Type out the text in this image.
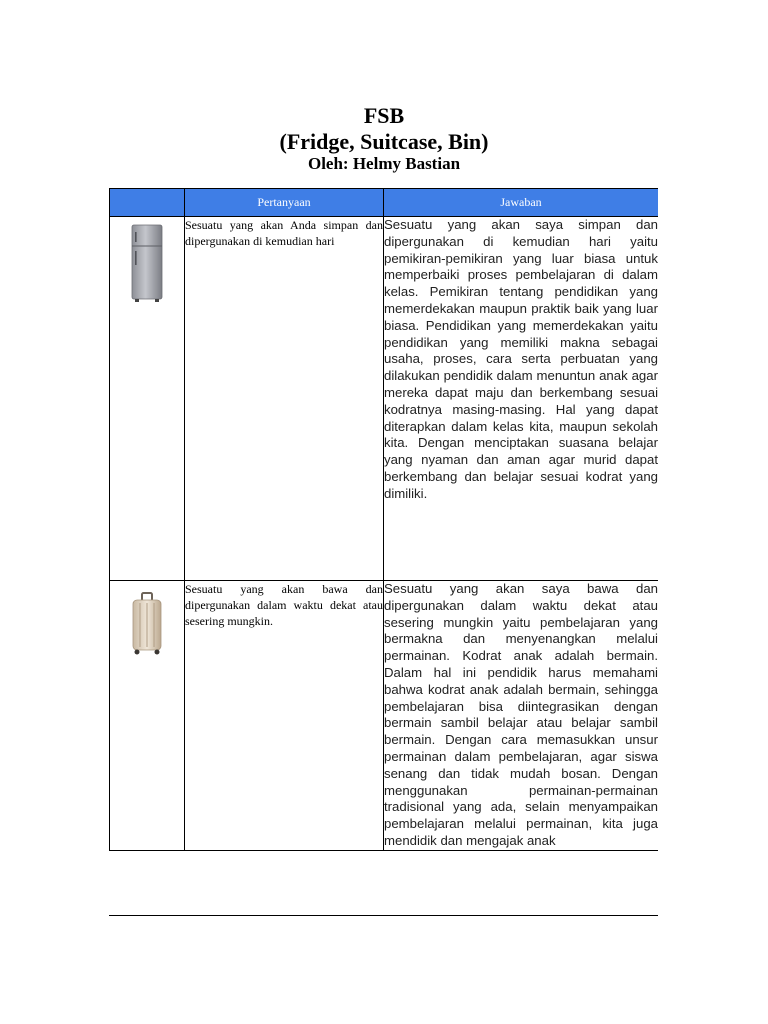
FSB
(Fridge, Suitcase, Bin)
Oleh: Helmy Bastian
	Pertanyaan	Jawaban
	Sesuatu yang akan Anda simpan dan dipergunakan di kemudian hari	Sesuatu yang akan saya simpan dan dipergunakan di kemudian hari yaitu pemikiran-pemikiran yang luar biasa untuk memperbaiki proses pembelajaran di dalam kelas. Pemikiran tentang pendidikan yang memerdekakan maupun praktik baik yang luar biasa. Pendidikan yang memerdekakan yaitu pendidikan yang memiliki makna sebagai usaha, proses, cara serta perbuatan yang dilakukan pendidik dalam menuntun anak agar mereka dapat maju dan berkembang sesuai kodratnya masing-masing. Hal yang dapat diterapkan dalam kelas kita, maupun sekolah kita. Dengan menciptakan suasana belajar yang nyaman dan aman agar murid dapat berkembang dan belajar sesuai kodrat yang dimiliki.
	Sesuatu yang akan bawa dan dipergunakan dalam waktu dekat atau sesering mungkin.	Sesuatu yang akan saya bawa dan dipergunakan dalam waktu dekat atau sesering mungkin yaitu pembelajaran yang bermakna dan menyenangkan melalui permainan. Kodrat anak adalah bermain. Dalam hal ini pendidik harus memahami bahwa kodrat anak adalah bermain, sehingga pembelajaran bisa diintegrasikan dengan bermain sambil belajar atau belajar sambil bermain. Dengan cara memasukkan unsur permainan dalam pembelajaran, agar siswa senang dan tidak mudah bosan. Dengan menggunakan permainan-permainan tradisional yang ada, selain menyampaikan pembelajaran melalui permainan, kita juga mendidik dan mengajak anak
